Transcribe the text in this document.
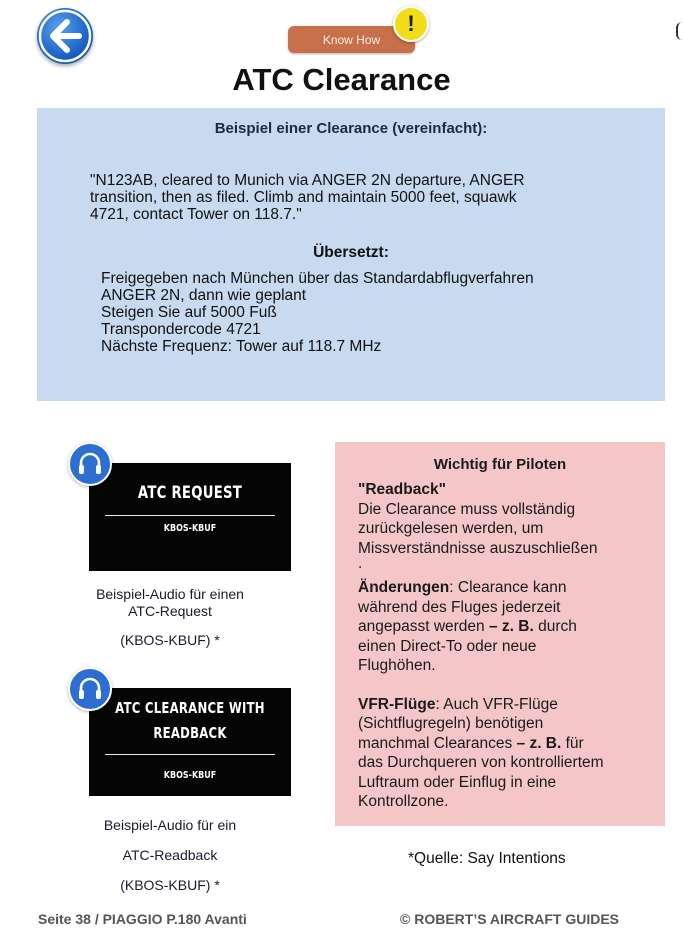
Know How
!
ATC Clearance
Beispiel einer Clearance (vereinfacht):
"N123AB, cleared to Munich via ANGER 2N departure, ANGER
transition, then as filed. Climb and maintain 5000 feet, squawk
4721, contact Tower on 118.7."
Übersetzt:
Freigegeben nach München über das Standardabflugverfahren
ANGER 2N, dann wie geplant
Steigen Sie auf 5000 Fuß
Transpondercode 4721
Nächste Frequenz: Tower auf 118.7 MHz
ATC REQUEST
KBOS-KBUF
Beispiel-Audio für einen
ATC-Request
(KBOS-KBUF) *
ATC CLEARANCE WITH
READBACK
KBOS-KBUF
Beispiel-Audio für ein
ATC-Readback
(KBOS-KBUF) *
Wichtig für Piloten

"Readback"

Die Clearance muss vollständig

zurückgelesen werden, um

Missverständnisse auszuschließen

.

Änderungen: Clearance kann

während des Fluges jederzeit

angepasst werden – z. B. durch

einen Direct-To oder neue

Flughöhen.

VFR-Flüge: Auch VFR-Flüge

(Sichtflugregeln) benötigen

manchmal Clearances – z. B. für

das Durchqueren von kontrolliertem

Luftraum oder Einflug in eine

Kontrollzone.

*Quelle: Say Intentions
Seite 38 / PIAGGIO P.180 Avanti	© ROBERT’S AIRCRAFT GUIDES
